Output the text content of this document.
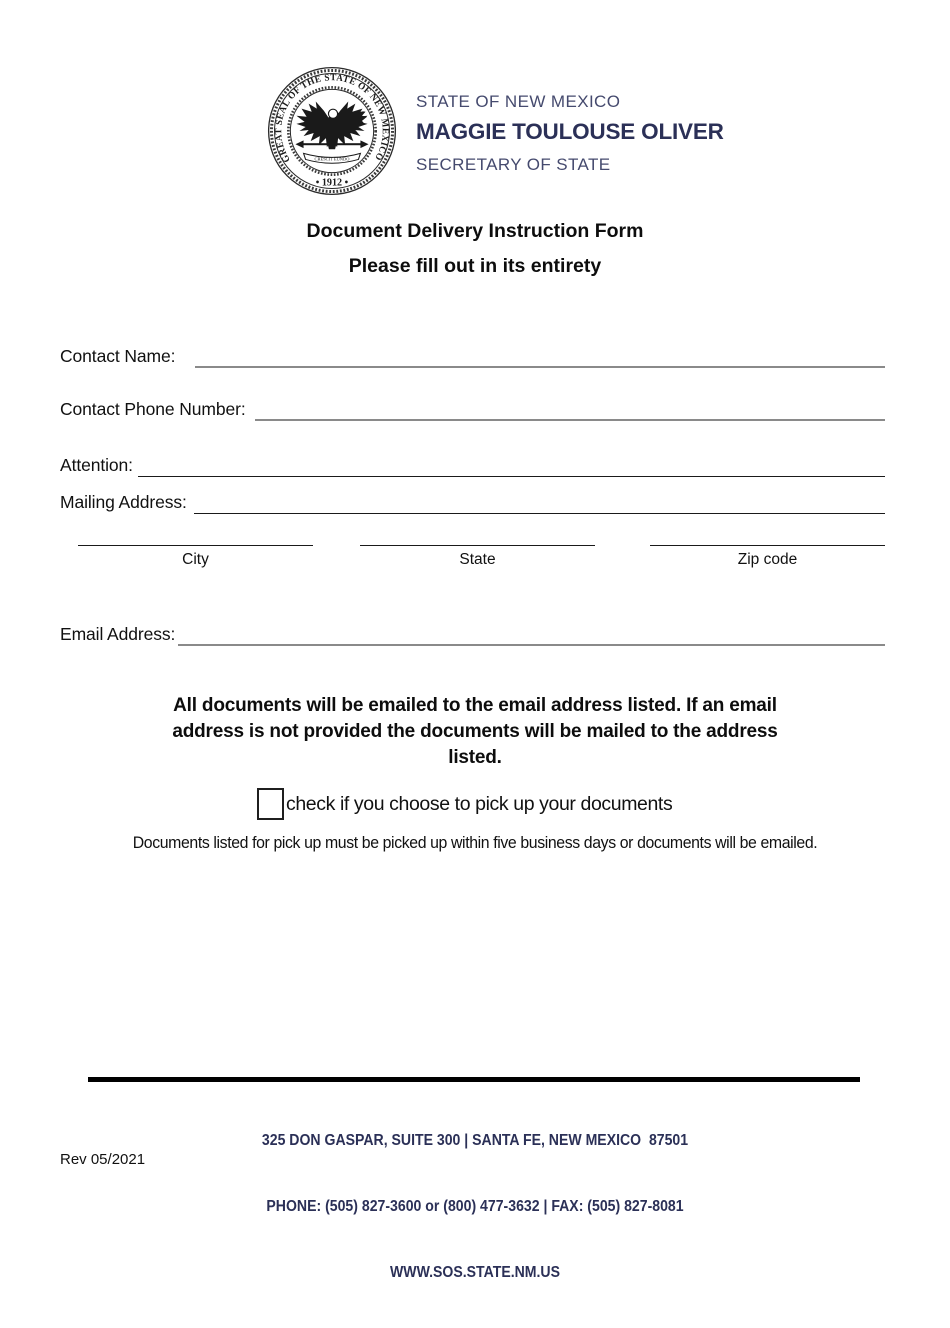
GREAT SEAL OF THE STATE OF NEW MEXICO
• 1912 •
CRESCIT EUNDO
STATE OF NEW MEXICO
MAGGIE TOULOUSE OLIVER
SECRETARY OF STATE
Document Delivery Instruction Form
Please fill out in its entirety
Contact Name:
Contact Phone Number:
Attention:
Mailing Address:
City	State	Zip code
Email Address:
All documents will be emailed to the email address listed. If an email
address is not provided the documents will be mailed to the address
listed.
check if you choose to pick up your documents
Documents listed for pick up must be picked up within five business days or documents will be emailed.

325 DON GASPAR, SUITE 300 | SANTA FE, NEW MEXICO  87501

PHONE: (505) 827-3600 or (800) 477-3632 | FAX: (505) 827-8081

WWW.SOS.STATE.NM.US

Rev 05/2021
